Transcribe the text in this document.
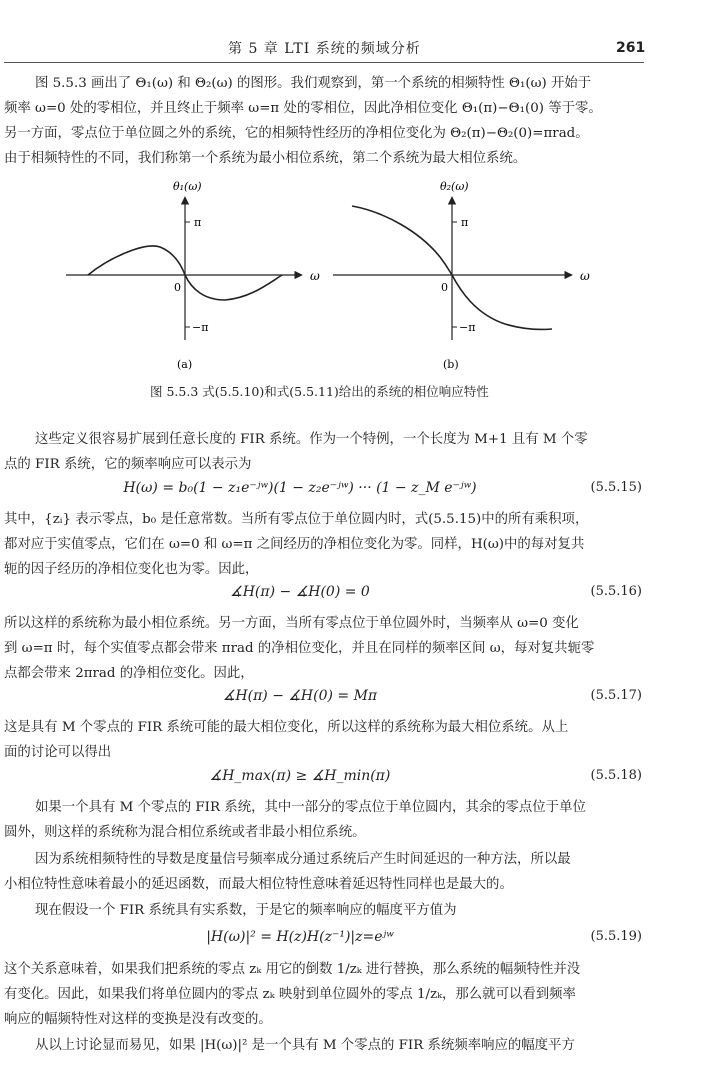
第 5 章 LTI 系统的频域分析	261
图 5.5.3 画出了 Θ₁(ω) 和 Θ₂(ω) 的图形。我们观察到，第一个系统的相频特性 Θ₁(ω) 开始于
频率 ω=0 处的零相位，并且终止于频率 ω=π 处的零相位，因此净相位变化 Θ₁(π)−Θ₁(0) 等于零。
另一方面，零点位于单位圆之外的系统，它的相频特性经历的净相位变化为 Θ₂(π)−Θ₂(0)=πrad。
由于相频特性的不同，我们称第一个系统为最小相位系统，第二个系统为最大相位系统。
θ₁(ω)
ω
0
π
−π
(a)
θ₂(ω)
ω
0
π
−π
(b)
图 5.5.3 式(5.5.10)和式(5.5.11)给出的系统的相位响应特性
这些定义很容易扩展到任意长度的 FIR 系统。作为一个特例，一个长度为 M+1 且有 M 个零
点的 FIR 系统，它的频率响应可以表示为
H(ω) = b₀(1 − z₁e⁻ʲʷ)(1 − z₂e⁻ʲʷ) ··· (1 − z_M e⁻ʲʷ)	(5.5.15)
其中，{zᵢ} 表示零点，b₀ 是任意常数。当所有零点位于单位圆内时，式(5.5.15)中的所有乘积项，
都对应于实值零点，它们在 ω=0 和 ω=π 之间经历的净相位变化为零。同样，H(ω)中的每对复共
轭的因子经历的净相位变化也为零。因此，
∡H(π) − ∡H(0) = 0	(5.5.16)
所以这样的系统称为最小相位系统。另一方面，当所有零点位于单位圆外时，当频率从 ω=0 变化
到 ω=π 时，每个实值零点都会带来 πrad 的净相位变化，并且在同样的频率区间 ω，每对复共轭零
点都会带来 2πrad 的净相位变化。因此，
∡H(π) − ∡H(0) = Mπ	(5.5.17)
这是具有 M 个零点的 FIR 系统可能的最大相位变化，所以这样的系统称为最大相位系统。从上
面的讨论可以得出
∡H_max(π) ≥ ∡H_min(π)	(5.5.18)
如果一个具有 M 个零点的 FIR 系统，其中一部分的零点位于单位圆内，其余的零点位于单位
圆外，则这样的系统称为混合相位系统或者非最小相位系统。
因为系统相频特性的导数是度量信号频率成分通过系统后产生时间延迟的一种方法，所以最
小相位特性意味着最小的延迟函数，而最大相位特性意味着延迟特性同样也是最大的。
现在假设一个 FIR 系统具有实系数，于是它的频率响应的幅度平方值为
|H(ω)|² = H(z)H(z⁻¹)|z=eʲʷ	(5.5.19)
这个关系意味着，如果我们把系统的零点 zₖ 用它的倒数 1/zₖ 进行替换，那么系统的幅频特性并没
有变化。因此，如果我们将单位圆内的零点 zₖ 映射到单位圆外的零点 1/zₖ，那么就可以看到频率
响应的幅频特性对这样的变换是没有改变的。
从以上讨论显而易见，如果 |H(ω)|² 是一个具有 M 个零点的 FIR 系统频率响应的幅度平方
